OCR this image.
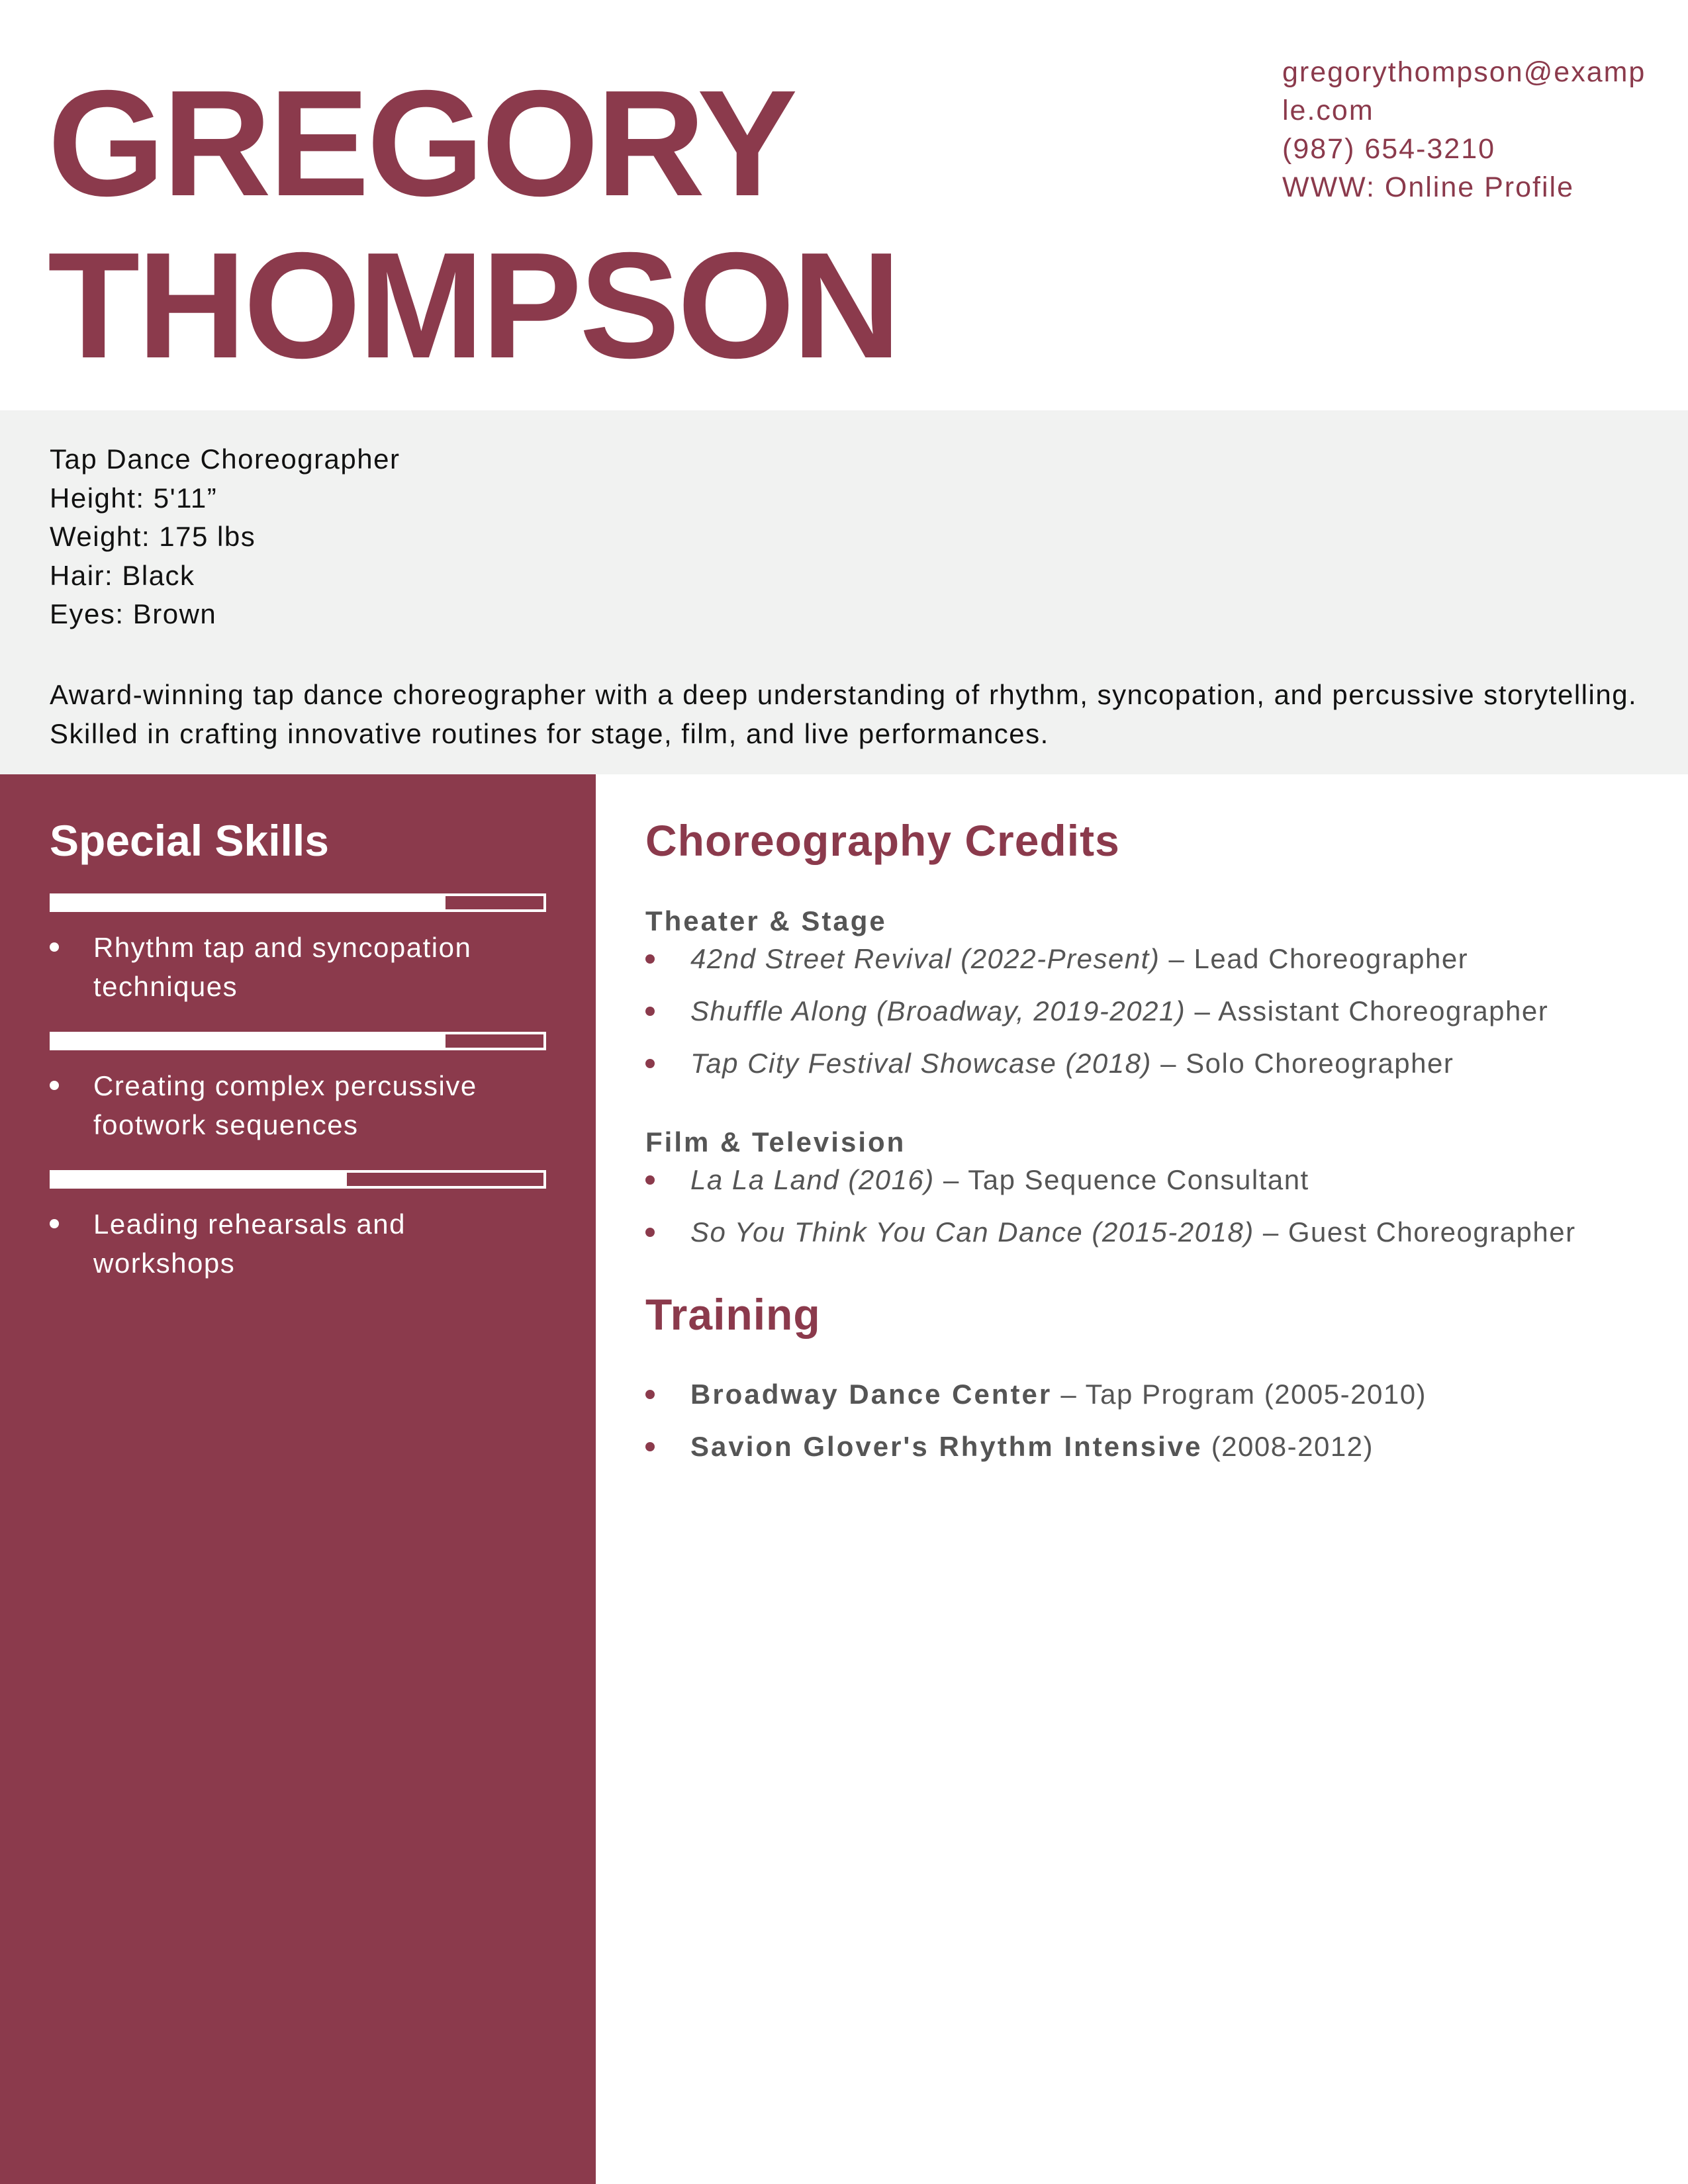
GREGORY
THOMPSON
gregorythompson@example.com
(987) 654-3210
WWW: Online Profile
Tap Dance Choreographer
Height: 5'11”
Weight: 175 lbs
Hair: Black
Eyes: Brown

Award-winning tap dance choreographer with a deep understanding of rhythm, syncopation, and percussive storytelling. Skilled in crafting innovative routines for stage, film, and live performances.

Special Skills
Rhythm tap and syncopation techniques
Creating complex percussive footwork sequences
Leading rehearsals and workshops
Choreography Credits
Theater & Stage
42nd Street Revival (2022-Present) – Lead Choreographer
Shuffle Along (Broadway, 2019-2021) – Assistant Choreographer
Tap City Festival Showcase (2018) – Solo Choreographer
Film & Television
La La Land (2016) – Tap Sequence Consultant
So You Think You Can Dance (2015-2018) – Guest Choreographer
Training
Broadway Dance Center – Tap Program (2005-2010)
Savion Glover's Rhythm Intensive (2008-2012)
